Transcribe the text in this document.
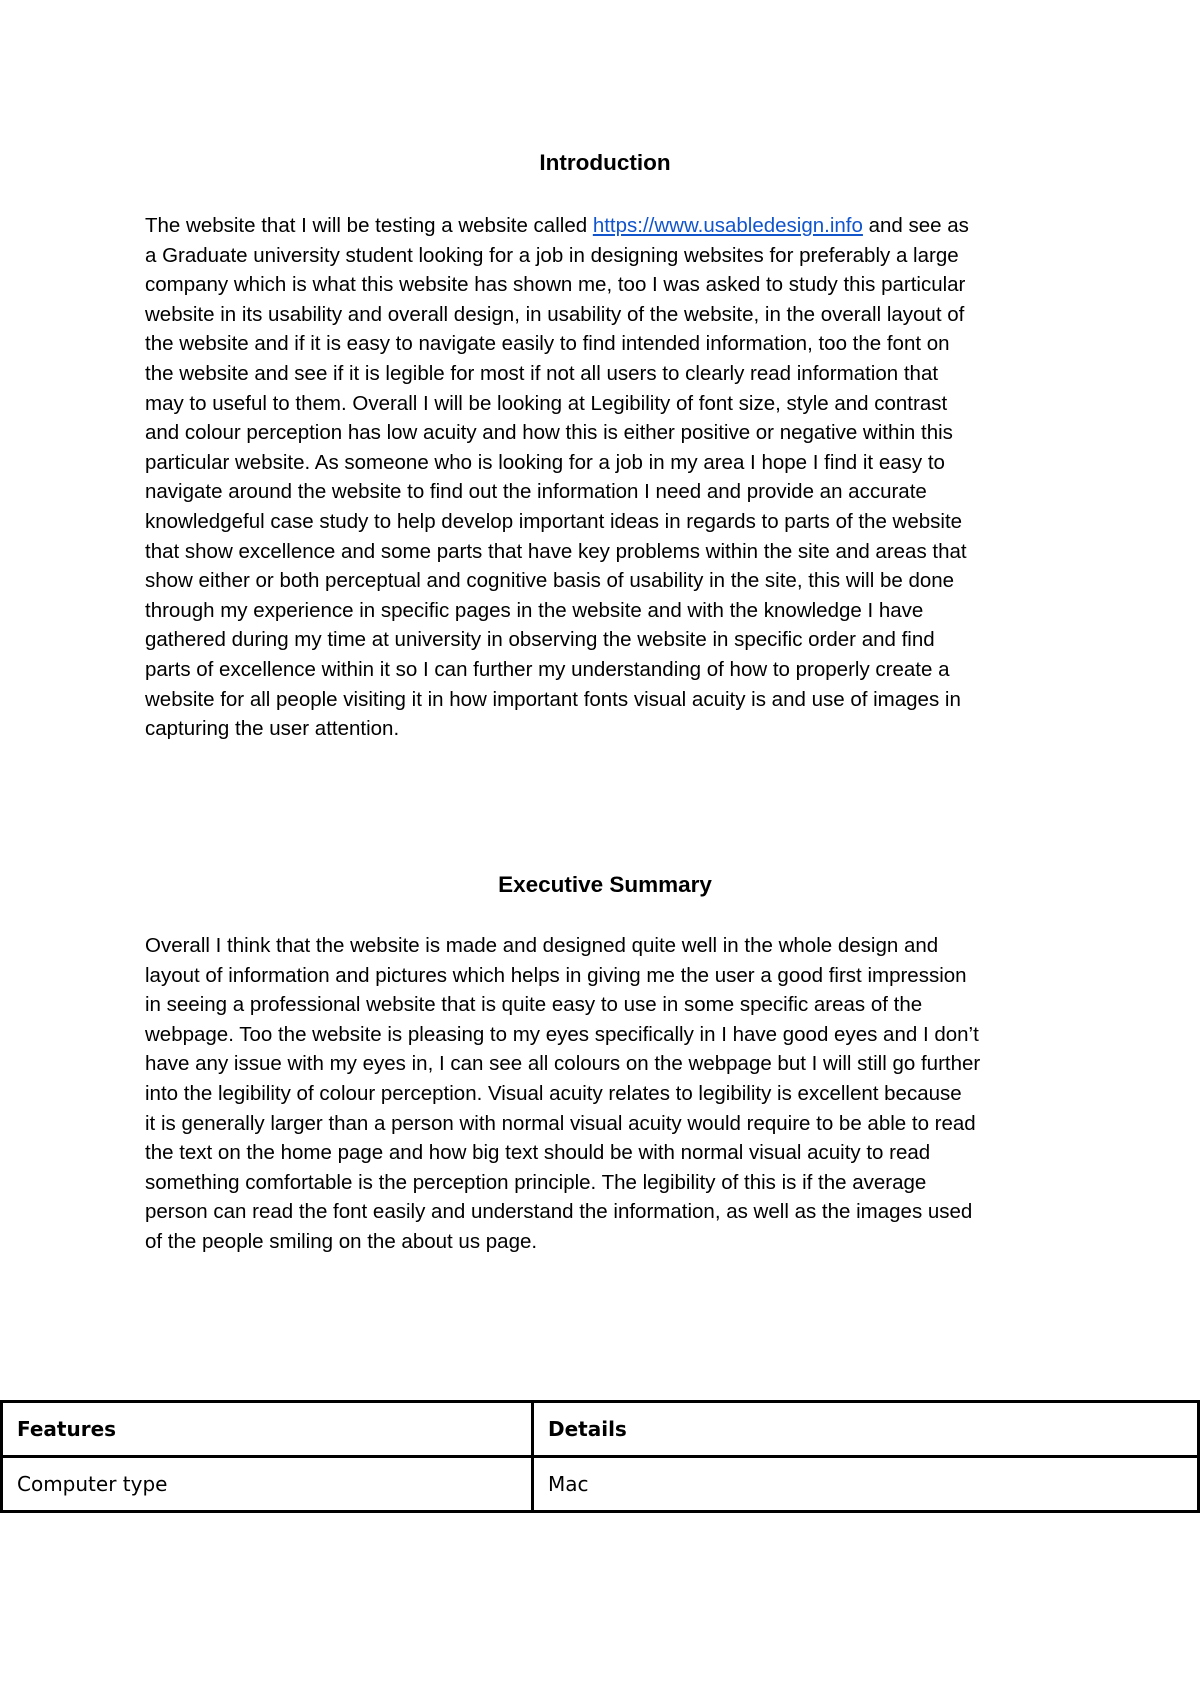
Introduction

The website that I will be testing a website called https://www.usabledesign.info and see as
a Graduate university student looking for a job in designing websites for preferably a large
company which is what this website has shown me, too I was asked to study this particular
website in its usability and overall design, in usability of the website, in the overall layout of
the website and if it is easy to navigate easily to find intended information, too the font on
the website and see if it is legible for most if not all users to clearly read information that
may to useful to them. Overall I will be looking at Legibility of font size, style and contrast
and colour perception has low acuity and how this is either positive or negative within this
particular website. As someone who is looking for a job in my area I hope I find it easy to
navigate around the website to find out the information I need and provide an accurate
knowledgeful case study to help develop important ideas in regards to parts of the website
that show excellence and some parts that have key problems within the site and areas that
show either or both perceptual and cognitive basis of usability in the site, this will be done
through my experience in specific pages in the website and with the knowledge I have
gathered during my time at university in observing the website in specific order and find
parts of excellence within it so I can further my understanding of how to properly create a
website for all people visiting it in how important fonts visual acuity is and use of images in
capturing the user attention.

Executive Summary

Overall I think that the website is made and designed quite well in the whole design and
layout of information and pictures which helps in giving me the user a good first impression
in seeing a professional website that is quite easy to use in some specific areas of the
webpage. Too the website is pleasing to my eyes specifically in I have good eyes and I don’t
have any issue with my eyes in, I can see all colours on the webpage but I will still go further
into the legibility of colour perception. Visual acuity relates to legibility is excellent because
it is generally larger than a person with normal visual acuity would require to be able to read
the text on the home page and how big text should be with normal visual acuity to read
something comfortable is the perception principle. The legibility of this is if the average
person can read the font easily and understand the information, as well as the images used
of the people smiling on the about us page.

Features	Details
Computer type	Mac
